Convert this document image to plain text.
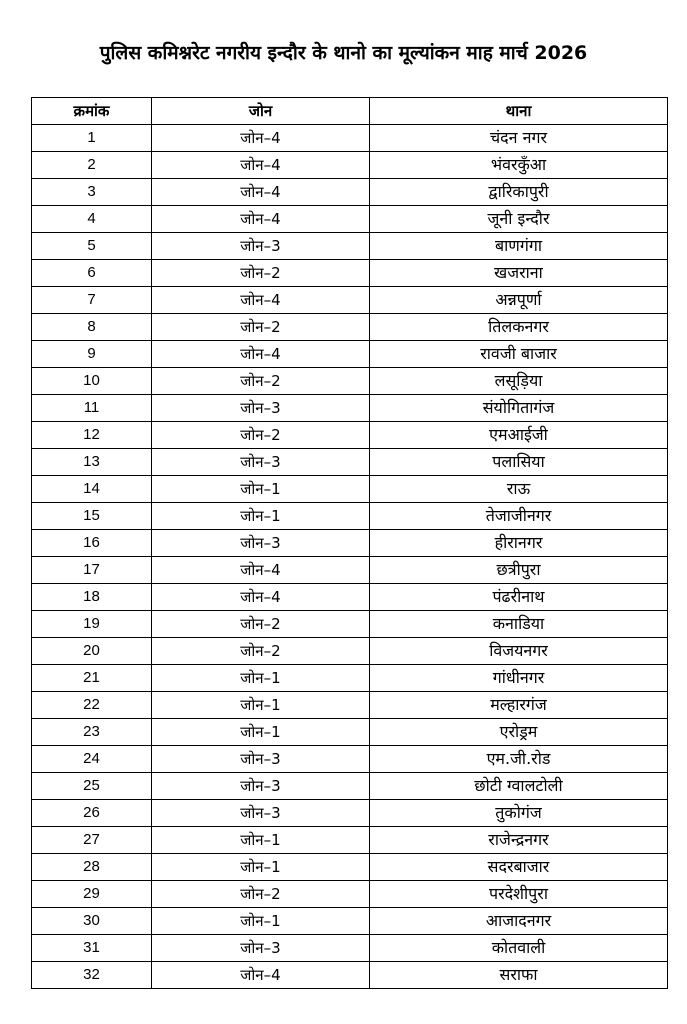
पुलिस कमिश्नरेट नगरीय इन्दौर के थानो का मूल्यांकन माह मार्च 2026
क्रमांक	जोन	थाना
1	जोन–4	चंदन नगर
2	जोन–4	भंवरकुँआ
3	जोन–4	द्वारिकापुरी
4	जोन–4	जूनी इन्दौर
5	जोन–3	बाणगंगा
6	जोन–2	खजराना
7	जोन–4	अन्नपूर्णा
8	जोन–2	तिलकनगर
9	जोन–4	रावजी बाजार
10	जोन–2	लसूड़िया
11	जोन–3	संयोगितागंज
12	जोन–2	एमआईजी
13	जोन–3	पलासिया
14	जोन–1	राऊ
15	जोन–1	तेजाजीनगर
16	जोन–3	हीरानगर
17	जोन–4	छत्रीपुरा
18	जोन–4	पंढरीनाथ
19	जोन–2	कनाडिया
20	जोन–2	विजयनगर
21	जोन–1	गांधीनगर
22	जोन–1	मल्हारगंज
23	जोन–1	एरोड्रम
24	जोन–3	एम.जी.रोड
25	जोन–3	छोटी ग्वालटोली
26	जोन–3	तुकोगंज
27	जोन–1	राजेन्द्रनगर
28	जोन–1	सदरबाजार
29	जोन–2	परदेशीपुरा
30	जोन–1	आजादनगर
31	जोन–3	कोतवाली
32	जोन–4	सराफा
